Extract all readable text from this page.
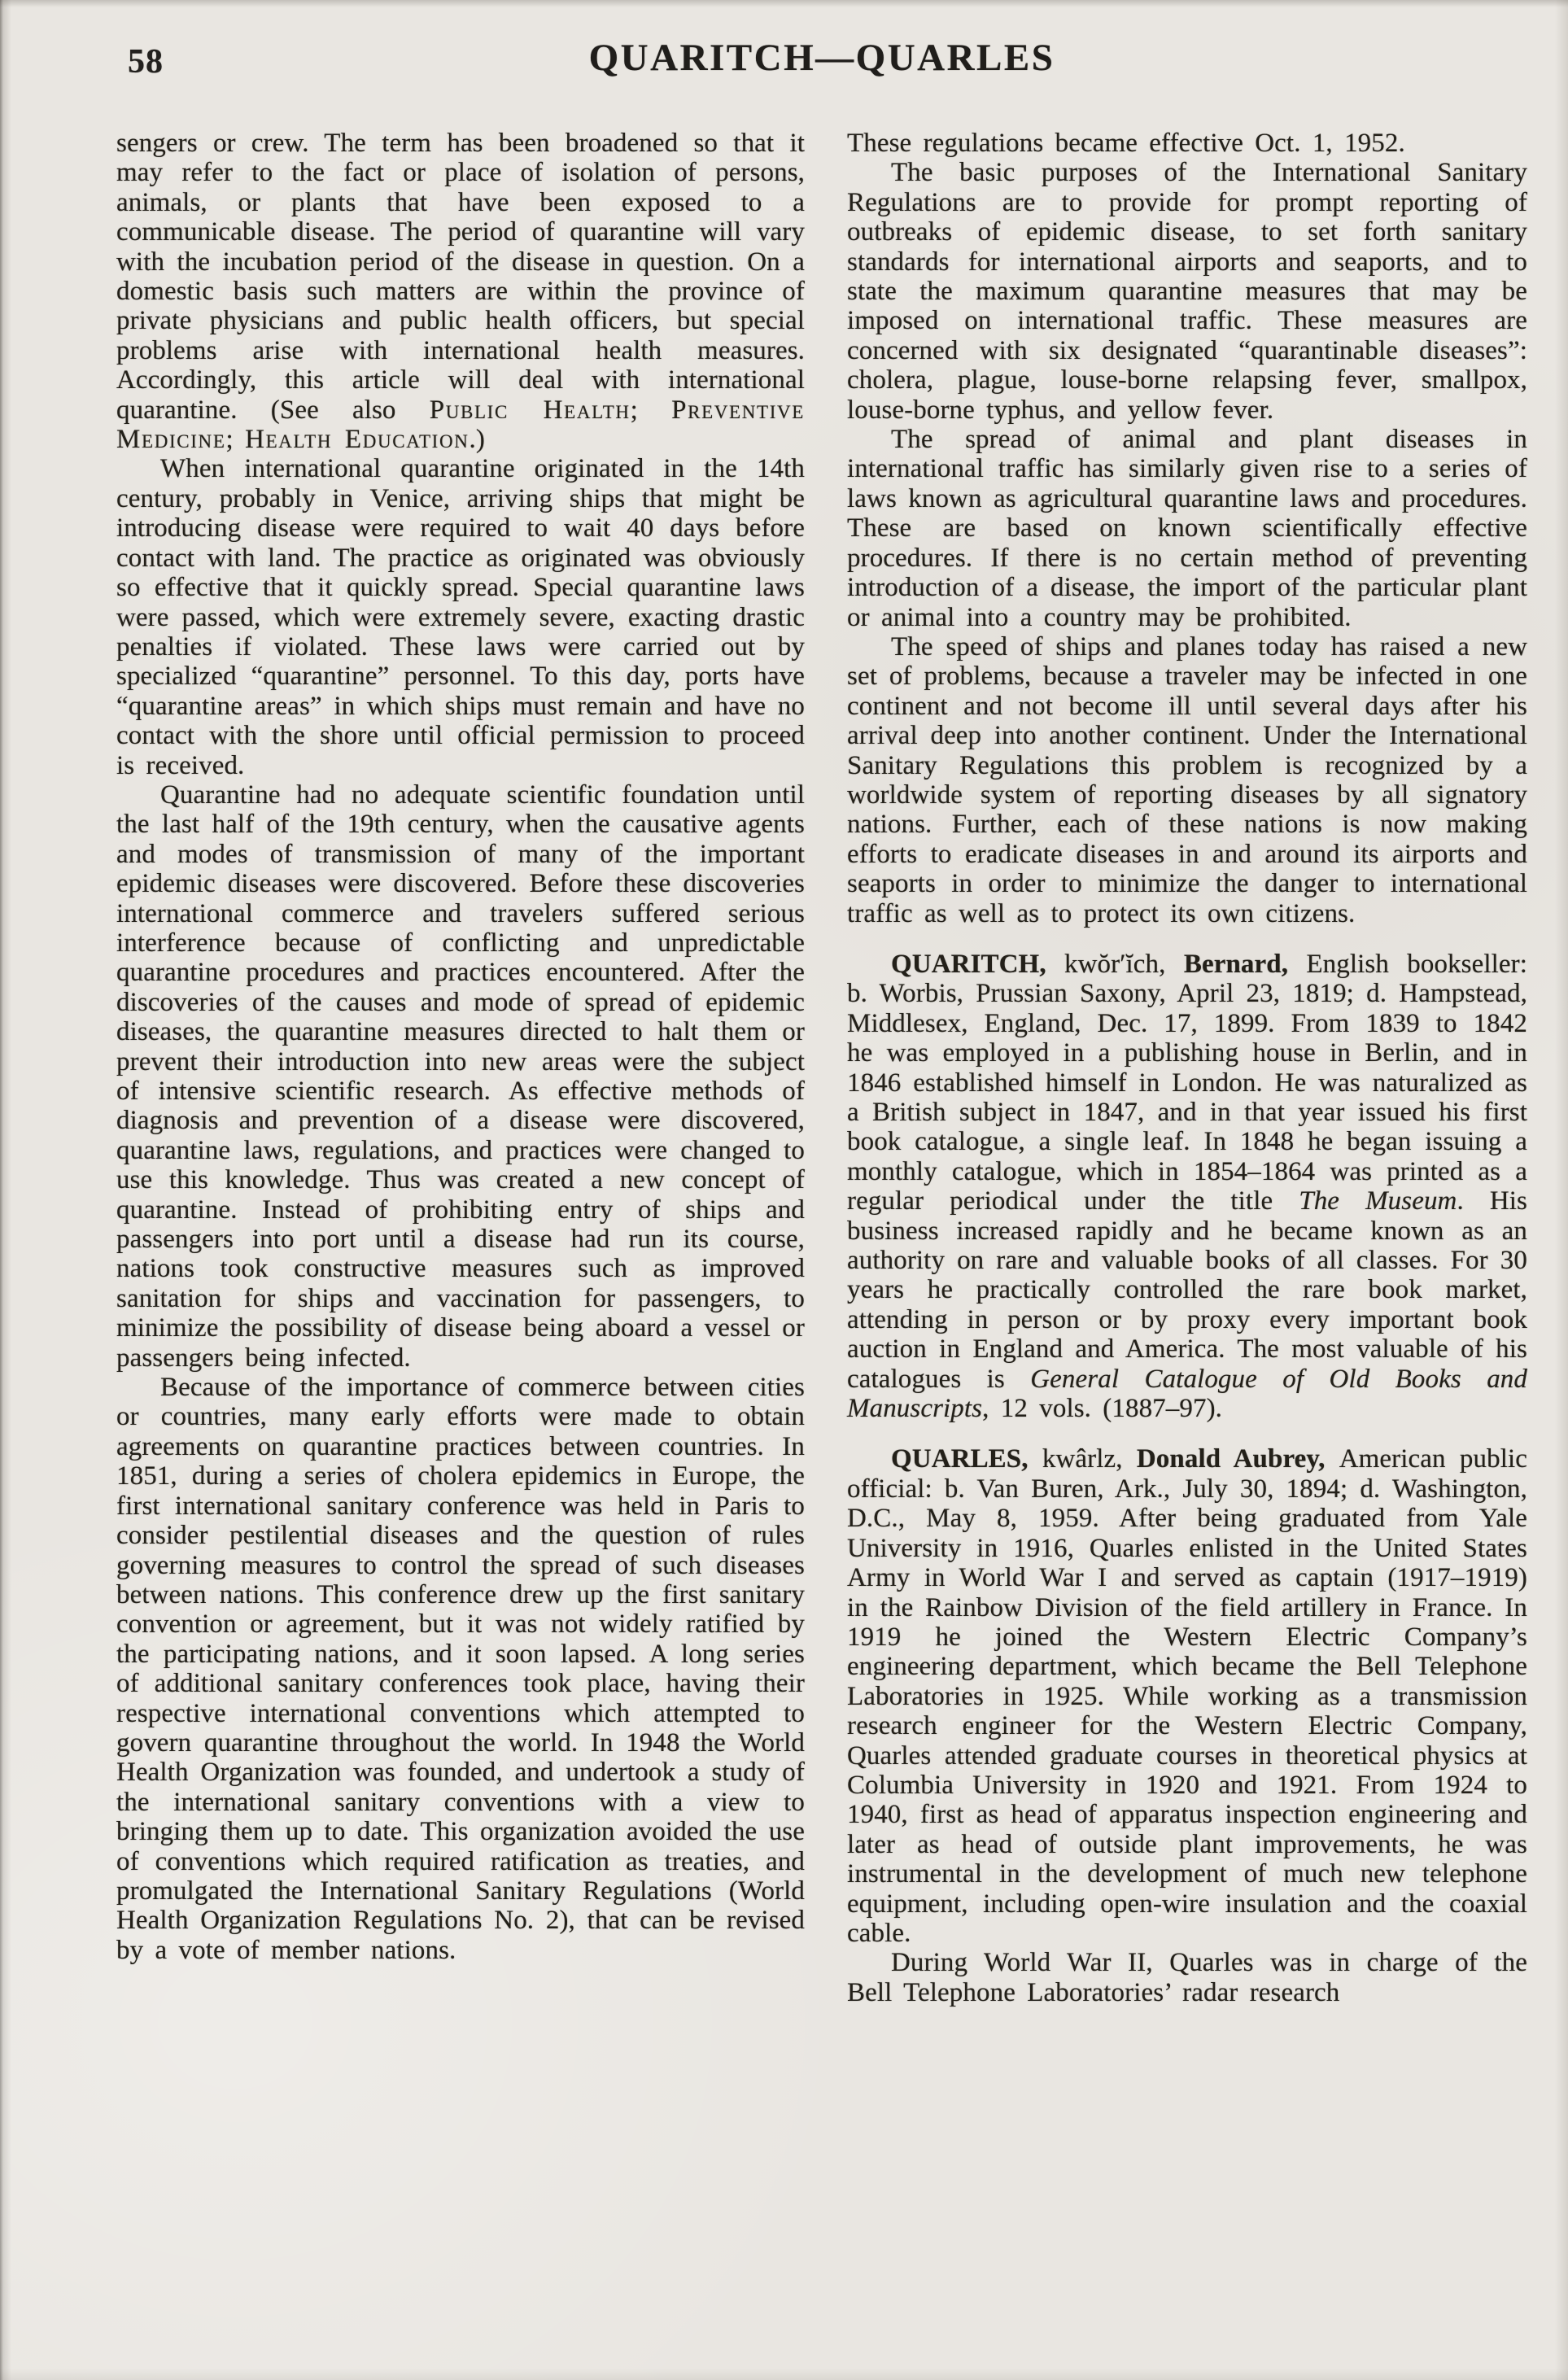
58	QUARITCH—QUARLES

sengers or crew. The term has been broadened so that it may refer to the fact or place of isolation of persons, animals, or plants that have been exposed to a communicable disease. The period of quarantine will vary with the incubation period of the disease in question. On a domestic basis such matters are within the province of private physicians and public health officers, but special problems arise with international health measures. Accordingly, this article will deal with international quarantine. (See also Public Health; Preventive Medicine; Health Education.)

When international quarantine originated in the 14th century, probably in Venice, arriving ships that might be introducing disease were required to wait 40 days before contact with land. The practice as originated was obviously so effective that it quickly spread. Special quarantine laws were passed, which were extremely severe, exacting drastic penalties if violated. These laws were carried out by specialized “quarantine” personnel. To this day, ports have “quarantine areas” in which ships must remain and have no contact with the shore until official permission to proceed is received.

Quarantine had no adequate scientific foundation until the last half of the 19th century, when the causative agents and modes of transmission of many of the important epidemic diseases were discovered. Before these discoveries international commerce and travelers suffered serious interference because of conflicting and unpredictable quarantine procedures and practices encountered. After the discoveries of the causes and mode of spread of epidemic diseases, the quarantine measures directed to halt them or prevent their introduction into new areas were the subject of intensive scientific research. As effective methods of diagnosis and prevention of a disease were discovered, quarantine laws, regulations, and practices were changed to use this knowledge. Thus was created a new concept of quarantine. Instead of prohibiting entry of ships and passengers into port until a disease had run its course, nations took constructive measures such as improved sanitation for ships and vaccination for passengers, to minimize the possibility of disease being aboard a vessel or passengers being infected.

Because of the importance of commerce between cities or countries, many early efforts were made to obtain agreements on quarantine practices between countries. In 1851, during a series of cholera epidemics in Europe, the first international sanitary conference was held in Paris to consider pestilential diseases and the question of rules governing measures to control the spread of such diseases between nations. This conference drew up the first sanitary convention or agreement, but it was not widely ratified by the participating nations, and it soon lapsed. A long series of additional sanitary conferences took place, having their respective international conventions which attempted to govern quarantine throughout the world. In 1948 the World Health Organization was founded, and undertook a study of the international sanitary conventions with a view to bringing them up to date. This organization avoided the use of conventions which required ratification as treaties, and promulgated the International Sanitary Regulations (World Health Organization Regulations No. 2), that can be revised by a vote of member nations.

These regulations became effective Oct. 1, 1952.

The basic purposes of the International Sanitary Regulations are to provide for prompt reporting of outbreaks of epidemic disease, to set forth sanitary standards for international airports and seaports, and to state the maximum quarantine measures that may be imposed on international traffic. These measures are concerned with six designated “quarantinable diseases”: cholera, plague, louse-borne relapsing fever, smallpox, louse-borne typhus, and yellow fever.

The spread of animal and plant diseases in international traffic has similarly given rise to a series of laws known as agricultural quarantine laws and procedures. These are based on known scientifically effective procedures. If there is no certain method of preventing introduction of a disease, the import of the particular plant or animal into a country may be prohibited.

The speed of ships and planes today has raised a new set of problems, because a traveler may be infected in one continent and not become ill until several days after his arrival deep into another continent. Under the International Sanitary Regulations this problem is recognized by a worldwide system of reporting diseases by all signatory nations. Further, each of these nations is now making efforts to eradicate diseases in and around its airports and seaports in order to minimize the danger to international traffic as well as to protect its own citizens.

QUARITCH, kwŏr′ĭch, Bernard, English bookseller: b. Worbis, Prussian Saxony, April 23, 1819; d. Hampstead, Middlesex, England, Dec. 17, 1899. From 1839 to 1842 he was employed in a publishing house in Berlin, and in 1846 established himself in London. He was naturalized as a British subject in 1847, and in that year issued his first book catalogue, a single leaf. In 1848 he began issuing a monthly catalogue, which in 1854–1864 was printed as a regular periodical under the title The Museum. His business increased rapidly and he became known as an authority on rare and valuable books of all classes. For 30 years he practically controlled the rare book market, attending in person or by proxy every important book auction in England and America. The most valuable of his catalogues is General Catalogue of Old Books and Manuscripts, 12 vols. (1887–97).

QUARLES, kwârlz, Donald Aubrey, American public official: b. Van Buren, Ark., July 30, 1894; d. Washington, D.C., May 8, 1959. After being graduated from Yale University in 1916, Quarles enlisted in the United States Army in World War I and served as captain (1917–1919) in the Rainbow Division of the field artillery in France. In 1919 he joined the Western Electric Company’s engineering department, which became the Bell Telephone Laboratories in 1925. While working as a transmission research engineer for the Western Electric Company, Quarles attended graduate courses in theoretical physics at Columbia University in 1920 and 1921. From 1924 to 1940, first as head of apparatus inspection engineering and later as head of outside plant improvements, he was instrumental in the development of much new telephone equipment, including open-wire insulation and the coaxial cable.

During World War II, Quarles was in charge of the Bell Telephone Laboratories’ radar research
